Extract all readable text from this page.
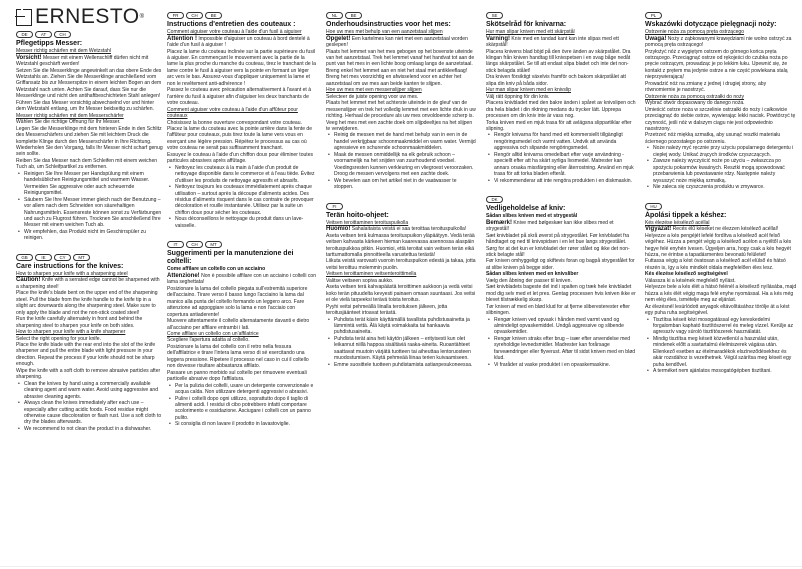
ERNESTO ®
DE	AT	CH
Pflegetipps Messer:
Messer richtig schärfen mit dem Wetzstahl

Vorsicht! Messer mit einem Wellenschliff dürfen nicht mit Wetzstahl geschärft werden!

Setzen Sie die Messerklinge angewinkelt an das obere Ende des Wetzstahls an. Ziehen Sie die Messerklinge anschließend vom Griffansatz bis zur Messerspitze in einem leichten Bogen an dem Wetzstahl nach unten. Achten Sie darauf, dass Sie nur die Messerklinge und nicht den antihaftbeschichteten Stahl anlegen!

Führen Sie das Messer vorsichtig abwechselnd vor und hinter dem Wetzstahl entlang, um Ihr Messer beidseitig zu schärfen.

Messer richtig schärfen mit dem Messerschärfer

Wählen Sie die richtige Öffnung für Ihr Messer.

Legen Sie die Messerklinge mit dem hinteren Ende in den Schlitz des Messerschärfers und ziehen Sie mit leichtem Druck die komplette Klinge durch den Messerschärfer in Ihre Richtung. Wiederholen Sie den Vorgang, falls Ihr Messer nicht scharf genug sein sollte.

Reiben Sie das Messer nach dem Schleifen mit einem weichen Tuch ab, um Schleifpartikel zu entfernen.

• Reinigen Sie Ihre Messer per Handspülung mit einem handelsüblichen Reinigungsmittel und warmem Wasser. Vermeiden Sie aggressive oder auch scheuernde Reinigungsmittel.
• Säubern Sie Ihre Messer immer gleich nach der Benutzung – vor allem nach dem Schneiden von säurehaltigen Nahrungsmitteln. Essensreste können sonst zu Verfärbungen und auch zu Flugrost führen. Trocknen Sie anschließend Ihre Messer mit einem weichen Tuch ab.
• Wir empfehlen, das Produkt nicht im Geschirrspüler zu reinigen.
GB	IE	CY	MT
Care instructions for the knives:
How to sharpen your knife with a sharpening steel

Caution! Knife with a serrated edge cannot be sharpened with a sharpening steel!

Place the knife's blade bent on the upper end of the sharpening steel. Pull the blade from the knife handle to the knife tip in a slight arc downwards along the sharpening steel. Make sure to only apply the blade and not the non-stick coated steel!

Run the knife carefully alternately in front and behind the sharpening steel to sharpen your knife on both sides.

How to sharpen your knife with a knife sharpener

Select the right opening for your knife.

Place the knife blade with the rear end into the slot of the knife sharpener and pull the entire blade with light pressure in your direction. Repeat the process if your knife should not be sharp enough.

Wipe the knife with a soft cloth to remove abrasive particles after sharpening.

• Clean the knives by hand using a commercially available cleaning agent and warm water. Avoid using aggressive and abrasive cleaning agents.
• Always clean the knives immediately after each use – especially after cutting acidic foods. Food residue might otherwise cause discoloration or flash rust. Use a soft cloth to dry the blades afterwards.
• We recommend to not clean the product in a dishwasher.
FR	CH	BE
Instructions d'entretien des couteaux :
Comment aiguiser votre couteau à l'aide d'un fusil à aiguiser

Attention ! Impossible d'aiguiser un couteau à bord dentelé à l'aide d'un fusil à aiguiser !

Placez la lame du couteau inclinée sur la partie supérieure du fusil à aiguiser. En commençant le mouvement avec la partie de la lame la plus proche du manche du couteau, tirez le tranchant de la lame contre le fusil à aiguiser vers la pointe en formant un léger arc vers le bas. Assurez-vous d'appliquer uniquement la lame et non le revêtement anti-adhérence !

Passez le couteau avec précaution alternativement à l'avant et à l'arrière du fusil à aiguiser afin d'aiguiser les deux tranchants de votre couteau.

Comment aiguiser votre couteau à l'aide d'un affûteur pour couteaux

Choisissez la bonne ouverture correspondant votre couteau.

Placez la lame du couteau avec la pointe arrière dans la fente de l'affûteur pour couteaux, puis tirez toute la lame vers vous en exerçant une légère pression. Répétez le processus au cas où votre couteau ne serait pas suffisamment tranchant.

Essuyez le couteau à l'aide d'un chiffon doux pour éliminer toutes particules abrasives après affûtage.

• Nettoyez les couteaux à la main à l'aide d'un produit de nettoyage disponible dans le commerce et à l'eau tiède. Évitez d'utiliser les produits de nettoyage agressifs et abrasifs.
• Nettoyez toujours les couteaux immédiatement après chaque utilisation – surtout après la découpe d'aliments acides. Des résidus d'aliments risquent dans le cas contraire de provoquer décoloration et rouille instantanée. Utilisez par la suite un chiffon doux pour sécher les couteaux.
• Nous déconseillons le nettoyage du produit dans un lave-vaisselle.
IT	CH	MT
Suggerimenti per la manutenzione dei coltelli:
Come affilare un coltello con un acciaino

Attenzione! Non è possibile affilare con un acciaino i coltelli con lama seghettata!

Posizionare la lama del coltello piegata sull'estremità superiore dell'acciaino. Tirare verso il basso lungo l'acciaino la lama dal manico alla punta del coltello formando un leggero arco. Fare attenzione ad appoggiare solo la lama e non l'acciaio con copertura antiaderente!

Muovere attentamente il coltello alternatamente davanti e dietro all'acciaino per affilare entrambi i lati.

Come affilare un coltello con un'affilatrice

Scegliere l'apertura adatta al coltello.

Posizionare la lama del coltello con il retro nella fessura dell'affilatrice e tirare l'intera lama verso di sé esercitando una leggera pressione. Ripetere il processo nel caso in cui il coltello non dovesse risultare abbastanza affilato.

Passare un panno morbido sul coltello per rimuovere eventuali particelle abrasive dopo l'affilatura.

• Per la pulizia dei coltelli, usare un detergente convenzionale e acqua calda. Non utilizzare detergenti aggressivi o abrasivi.
• Pulire i coltelli dopo ogni utilizzo, soprattutto dopo il taglio di alimenti acidi. I residui di cibo potrebbero infatti comportare scolorimento e ossidazione. Asciugare i coltelli con un panno pulito.
• Si consiglia di non lavare il prodotto in lavastoviglie.
NL	BE
Onderhoudsinstructies voor het mes:
Hoe uw mes met behulp van een aanzetstaal slijpen

Opgelet! Een kartelmes kan niet met een aanzetstaal worden geslepen!

Plaats het lemmet van het mes gebogen op het bovenste uiteinde van het aanzetstaal. Trek het lemmet vanaf het handvat tot aan de punt van het mes in een lichte boog omlaag langs de aanzetstaal. Breng enkel het lemmet aan en niet het staal met antikleeflaag!

Breng het mes voorzichtig en afwisselend voor en achter het aanzetstaal om uw mes aan beide kanten te slijpen.

Hoe uw mes met een messenslijper slijpen

Selecteer de juiste opening voor uw mes.

Plaats het lemmet met het achterste uiteinde in de gleuf van de messenslijper en trek het volledig lemmet met een lichte druk in uw richting. Herhaal de procedure als uw mes onvoldoende scherp is.

Veeg het mes met een zachte doek om slijpdeeltjes na het slijpen te verwijderen.

• Reinig de messen met de hand met behulp van in een in de handel verkrijgbaar schoonmaakmiddel en warm water. Vermijd agressieve en schurende schoonmaakmiddelen.
• Maak de messen onmiddellijk na elk gebruik schoon – voornamelijk na het snijden van zuurhoudend voedsel. Voedingsresten kunnen verkleuring en vliegroest veroorzaken. Droog de messen vervolgens met een zachte doek.
• We bevelen aan om het artikel niet in de vaatwasser te stoppen.
FI
Terän hoito-ohjeet:
Veitsen teroittaminen teroituspuikolla

Huomio! Sahalaitaista veistä ei saa teroittaa teroituspuikolla!

Aseta veitsen terä kulmassa teroituspuikon yläpäätyyn. Vedä terää veitsen kahvasta kärkeen hieman kaarevassa asennossa alaspäin teroituspuikkoa pitkin. Huomioi, että teroitat vain veitsen terän eikä tarttumattomalla pinnoitteella varustettua terästä!

Liikuta veistä varovasti vuoroin teroituspuikon edestä ja takaa, jotta veitsi teroittuu molemmin puolin.

Veitsen teroittaminen veitsenteroittimella

Valitse veitseen sopiva aukko.

Aseta veitsen terä kahvapäästä teroittimen aukkoon ja vedä veitsi koko terän pituudelta kevyesti painaen omaan suuntaasi. Jos veitsi ei ole vielä tarpeeksi terävä toista teroitus.

Pyyhi veitsi pehmeällä liinalla teroituksen jälkeen, jotta teroitusjäänteet irtoavat terästä.

• Puhdista terät käsin käyttämällä tavallista puhdistusainetta ja lämmintä vettä. Älä käytä voimakkaita tai hankaavia puhdistusaineita.
• Puhdista terät aina heti käytön jälkeen – erityisesti kun olet leikannut niillä happoa sisältäviä raaka-aineita. Ruoantähteet saattavat muutoin värjätä tuotteen tai aiheuttaa lentoruosteen muodostumisen. Käytä pehmeää liinaa terien kuivaamiseen.
• Emme suosittele tuotteen puhdistamista astianpesukoneessa.
SE
Skötselråd för knivarna:
Hur man slipar kniven med ett skärpstål

Varning! Kniv med en tandad kant kan inte slipas med ett skärpstål!

Placera knivens blad böjd på den övre änden av skärpstålet. Dra klingan från kniven handtag till knivspetsen i en svag båge nedåt längs skärpstålet. Se till att endast slipa bladet och inte det non-stick belagda stålet!

Dra kniven försiktigt växelvis framför och bakom skärpstålet att slipa din kniv på båda sidor.

Hur man slipar kniven med en knivslip

Välj rätt öppning för din kniv.

Placera knivbladet med den bakre änden i spåret av knivslipen och dra hela bladet i din riktning medans du trycker lätt. Upprepa processen om din kniv inte är vass nog.

Torka kniven med en mjuk trasa för att avlägsna slippartiklar efter slipning.

• Rengör knivarna för hand med ett kommersiellt tillgängligt rengöringsmedel och varmt vatten. Undvik att använda aggressiva och slipande rengöringsmedel.
• Rengör alltid knivarna omedelbart efter varje användning - speciellt efter att ha skärt syrliga livsmedel. Matrester kan annars orsaka missfärgning eller återrostning. Använd en mjuk trasa för att torka bladen efteråt.
• Vi rekommenderar att inte rengöra produkten i en diskmaskin.
DK
Vedligeholdelse af kniv:
Sådan slibes kniven med et strygestål

Bemærk! Knive med bølgeskær kan ikke slibes med et strygestål!

Sæt knivbladet på skrå øverst på strygestålet. Før knivbladet fra håndtaget og ned til knivspidsen i en let bue langs strygestålet. Sørg for at det kun er knivbladet der rører stålet og ikke det non-stick belagte stål!

Før kniven omhyggeligt og skiftevis foran og bagpå strygestålet for at slibe kniven på begge sider.

Sådan slibes kniven med en knivsliber

Vælg den åbning der passer til kniven.

Sæt knivbladets bageste del ind i spalten og træk hele knivbladet mod dig selv med et let pres. Gentag processen hvis kniven ikke er blevet tilstrækkelig skarp.

Tør kniven af med en blød klud for at fjerne sliberesterester efter slibningen.

• Rengør kniven ved opvask i hånden med varmt vand og almindeligt opvaskemiddel. Undgå aggressive og slibende opvaskemidler.
• Rengør kniven straks efter brug – især efter anvendelse med syreholdige levnedsmidler. Madrester kan forårsage farveændringer eller flyverust. Aftør til sidst kniven med en blød klud.
• Vi fraråder at vaske produktet i en opvaskemaskine.
PL
Wskazówki dotyczące pielęgnacji noży:
Ostrzenie noża za pomocą pręta ostrzącego

Uwaga! Noży z ząbkowanymi krawędziami nie wolno ostrzyć za pomocą pręta ostrzącego!

Przyłożyć nóż z wygiętym ostrzem do górnego końca pręta ostrzącego. Przeciągnąć ostrze od rękojeści do czubka noża po pręcie ostrzącym, prowadząc je po lekkim łuku. Upewnić się, że kontakt z prętem ma jedynie ostrze a nie część powlekana stalą nieprzywierającą!

Prowadzić nóż na zmianę z jednej i drugiej strony, aby równomiernie je naostrzyć.

Ostrzenie noża za pomocą ostrzałki do noży

Wybrać otwór dopasowany do danego noża.

Umieścić ostrze noża w szczelinie ostrzałki do noży i całkowicie przeciągnąć do siebie ostrze, wywierając lekki nacisk. Powtórzyć tę czynność, jeśli nóż w dalszym ciągu nie jest odpowiednio naostrzony.

Przetrzeć nóż miękką szmatką, aby usunąć resztki materiału ściernego pozostałego po ostrzeniu.

• Noże należy myć ręcznie przy użyciu popularnego detergentu i ciepłej wody. Unikać żrących środków czyszczących.
• Zawsze należy wyczyścić noże po użyciu – zwłaszcza po spożyciu pokarmów kwaśnych. Resztki mogą spowodować przebarwienia lub powstawanie rdzy. Następnie należy wysuszyć noże miękką szmatką.
• Nie zaleca się czyszczenia produktu w zmywarce.
HU
Ápolási tippek a késhez:
Kés élezése késélező acéllal

Vigyázat! Recés élű késeket ne élezzen késélező acéllal!

Helyezze a kés pengéjét lefelé fordítva a késélező acél felső végéhez. Húzza a pengét végig a késélező acélon a nyéltől a kés hegye felé enyhén ívesen. Ügyeljen arra, hogy csak a kés hegyét húzza, ne érintse a tapadásmentes bevonatú felületet!

Futtassa végig a kést óvatosan a késélező acél elülső és hátsó részén is, így a kés mindkét oldala megfelelően éles lesz.

Kés élezése késélező segítségével

Válassza ki a késének megfelelő nyílást.

Helyezze bele a kés élét a hátsó felénél a késélező nyílásába, majd húzza a kés élét végig maga felé enyhe nyomással. Ha a kés még nem elég éles, ismételje meg az eljárást.

Az élezésnél lesúrlódott anyagok eltávolításához törölje át a kést egy puha ruha segítségével.

• Tisztítsa késeit kézi mosogatással egy kereskedelmi forgalomban kapható tisztítószerrel és meleg vízzel. Kerülje az agresszív vagy súroló tisztítószerek használatát.
• Mindig tisztítsa meg késeit közvetlenül a használat után, mindenek előtt a savtartalmú élelmiszerek vágása után. Ellenkező esetben az ételmaradékok elszíneződésekhez és akár rozsdához is vezethetnek. Végül szárítsa meg késeit egy puha kendővel.
• A terméket nem ajánlatos mosogatógépben tisztítani.
